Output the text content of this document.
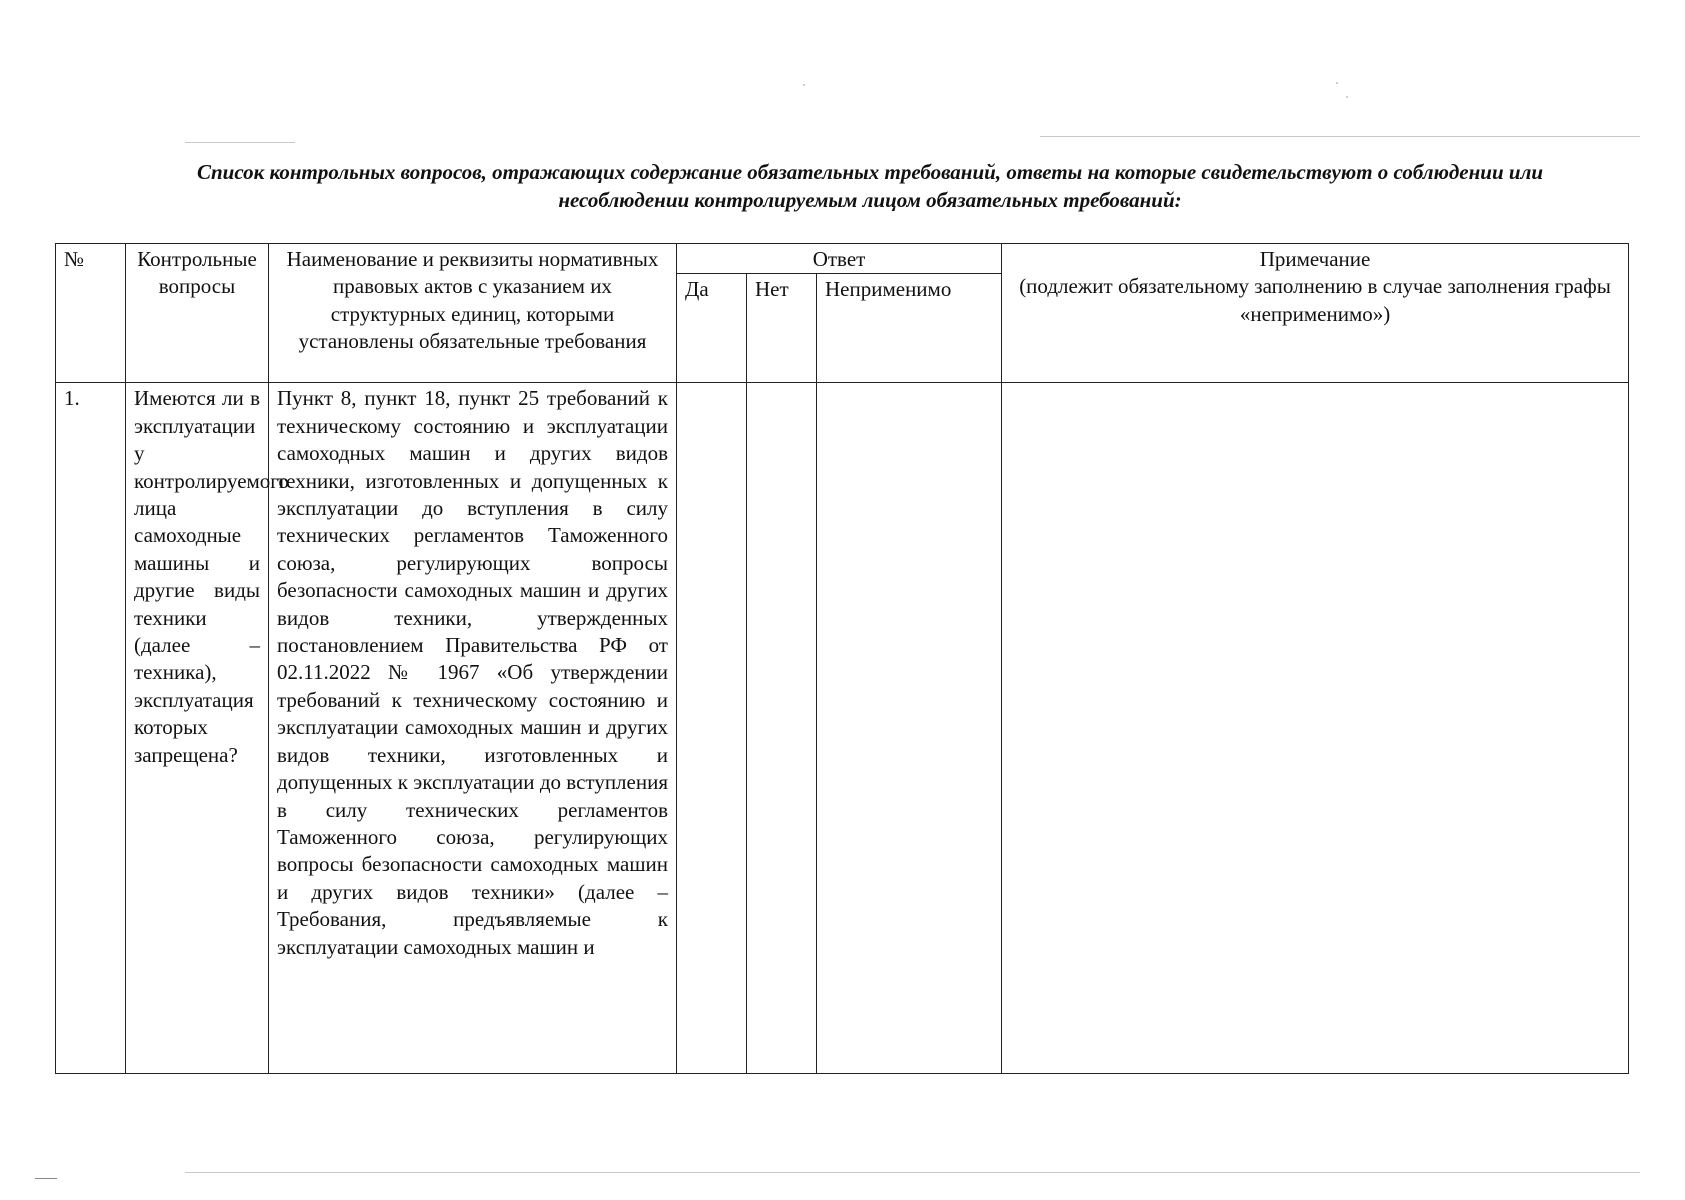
Список контрольных вопросов, отражающих содержание обязательных требований, ответы на которые свидетельствуют о соблюдении или несоблюдении контролируемым лицом обязательных требований:
№	Контрольные вопросы	Наименование и реквизиты нормативных правовых актов с указанием их структурных единиц, которыми установлены обязательные требования	Ответ			Примечание
(подлежит обязательному заполнению в случае заполнения графы «неприменимо»)

			Да	Нет	Неприменимо	
1.	Имеются ли в эксплуатации у контролируемого лица самоходные машины и другие виды техники (далее – техника), эксплуатация которых запрещена?	Пункт 8, пункт 18, пункт 25 требований к техническому состоянию и эксплуатации самоходных машин и других видов техники, изготовленных и допущенных к эксплуатации до вступления в силу технических регламентов Таможенного союза, регулирующих вопросы безопасности самоходных машин и других видов техники, утвержденных постановлением Правительства РФ от 02.11.2022 № 1967 «Об утверждении требований к техническому состоянию и эксплуатации самоходных машин и других видов техники, изготовленных и допущенных к эксплуатации до вступления в силу технических регламентов Таможенного союза, регулирующих вопросы безопасности самоходных машин и других видов техники» (далее – Требования, предъявляемые к эксплуатации самоходных машин и				
